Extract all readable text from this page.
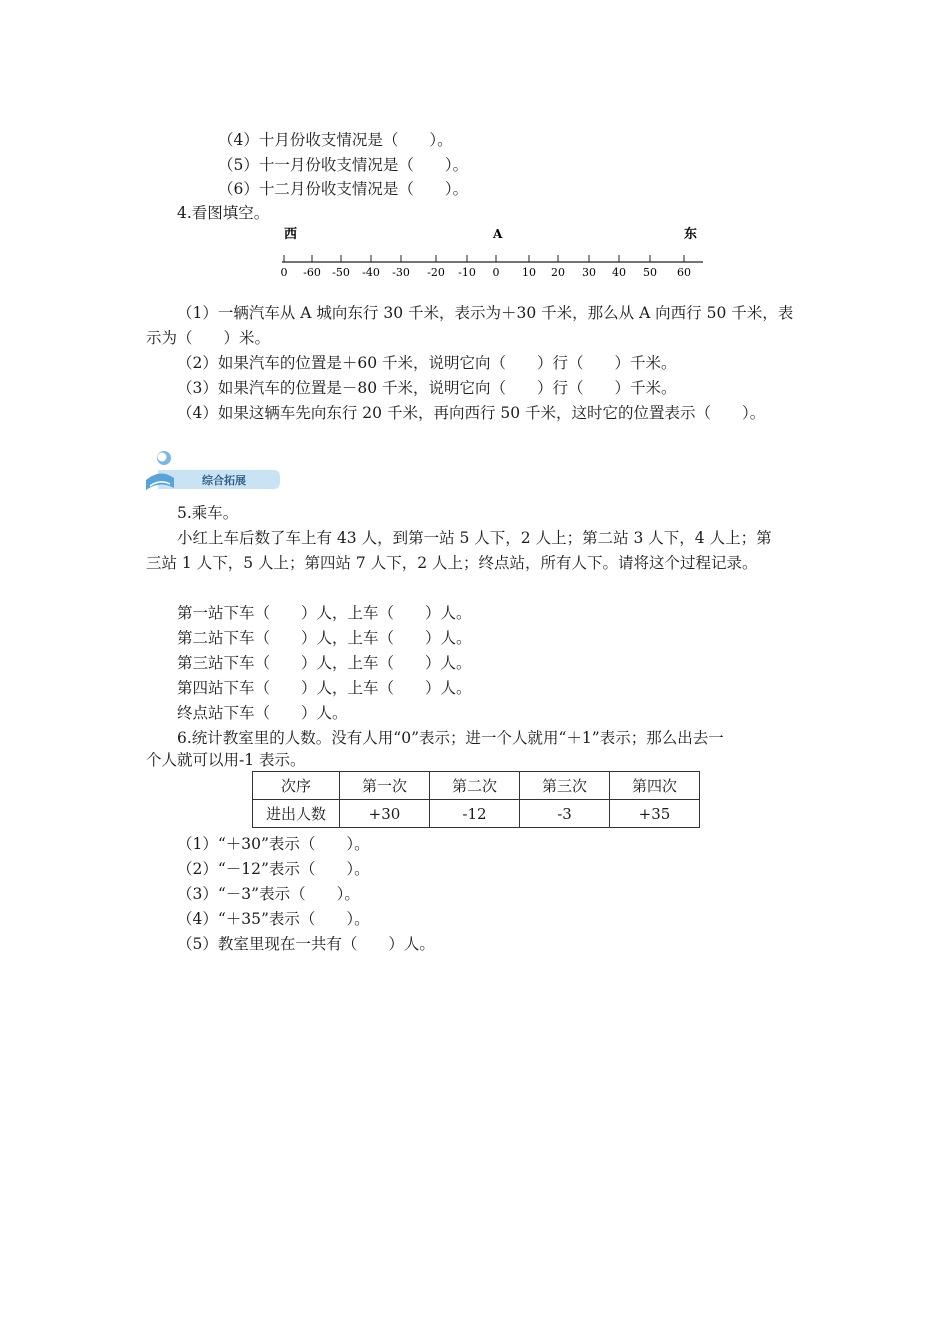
（4）十月份收支情况是（　　）。
（5）十一月份收支情况是（　　）。
（6）十二月份收支情况是（　　）。
4.看图填空。
0 -60 -50 -40 -30 -20 -10 0 10 20 30 40 50 60
西	A	东
（1）一辆汽车从 A 城向东行 30 千米，表示为＋30 千米，那么从 A 向西行 50 千米，表
示为（　　）米。
（2）如果汽车的位置是＋60 千米，说明它向（　　）行（　　）千米。
（3）如果汽车的位置是－80 千米，说明它向（　　）行（　　）千米。
（4）如果这辆车先向东行 20 千米，再向西行 50 千米，这时它的位置表示（　　）。
综合拓展
5.乘车。
小红上车后数了车上有 43 人，到第一站 5 人下，2 人上；第二站 3 人下，4 人上；第
三站 1 人下，5 人上；第四站 7 人下，2 人上；终点站，所有人下。请将这个过程记录。
第一站下车（　　）人，上车（　　）人。
第二站下车（　　）人，上车（　　）人。
第三站下车（　　）人，上车（　　）人。
第四站下车（　　）人，上车（　　）人。
终点站下车（　　）人。
6.统计教室里的人数。没有人用“0”表示；进一个人就用“＋1”表示；那么出去一
个人就可以用-1 表示。
次序	第一次	第二次	第三次	第四次
进出人数	+30	-12	-3	+35
（1）“＋30”表示（　　）。
（2）“－12”表示（　　）。
（3）“－3”表示（　　）。
（4）“＋35”表示（　　）。
（5）教室里现在一共有（　　）人。
